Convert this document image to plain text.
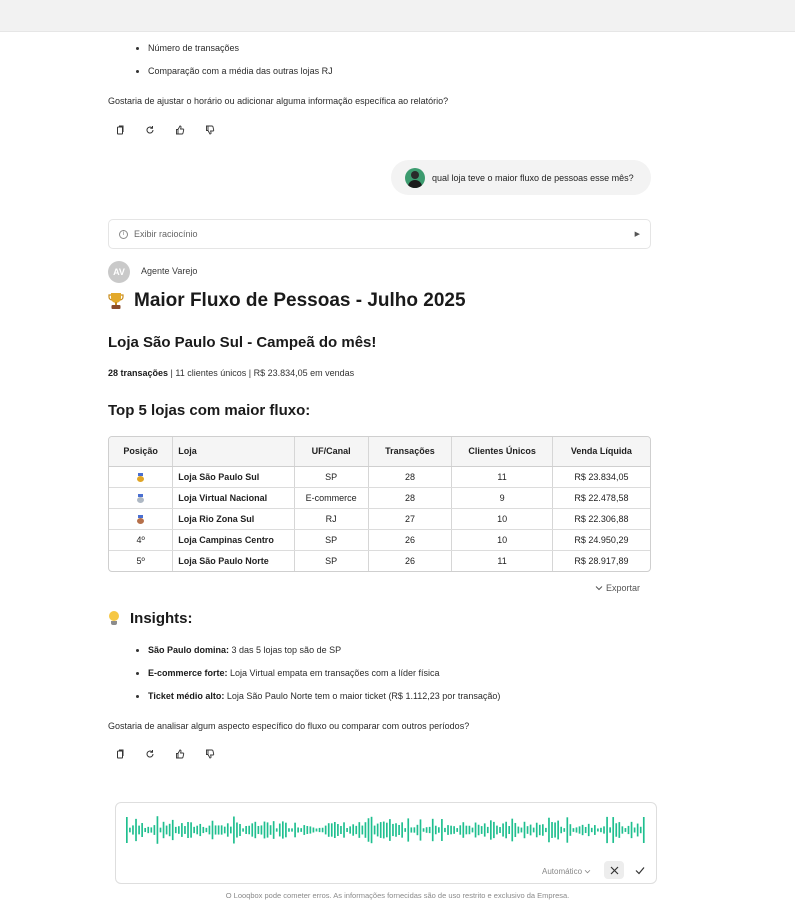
Número de transações
Comparação com a média das outras lojas RJ
Gostaria de ajustar o horário ou adicionar alguma informação específica ao relatório?
qual loja teve o maior fluxo de pessoas esse mês?
i	Exibir raciocínio	▶
AV	Agente Varejo
Maior Fluxo de Pessoas - Julho 2025
Loja São Paulo Sul - Campeã do mês!
28 transações | 11 clientes únicos | R$ 23.834,05 em vendas
Top 5 lojas com maior fluxo:
Posição	Loja	UF/Canal	Transações	Clientes Únicos	Venda Líquida
	Loja São Paulo Sul	SP	28	11	R$ 23.834,05
	Loja Virtual Nacional	E-commerce	28	9	R$ 22.478,58
	Loja Rio Zona Sul	RJ	27	10	R$ 22.306,88
4º	Loja Campinas Centro	SP	26	10	R$ 24.950,29
5º	Loja São Paulo Norte	SP	26	11	R$ 28.917,89
Exportar
Insights:
São Paulo domina: 3 das 5 lojas top são de SP
E-commerce forte: Loja Virtual empata em transações com a líder física
Ticket médio alto: Loja São Paulo Norte tem o maior ticket (R$ 1.112,23 por transação)
Gostaria de analisar algum aspecto específico do fluxo ou comparar com outros períodos?
Automático
O Looqbox pode cometer erros. As informações fornecidas são de uso restrito e exclusivo da Empresa.
